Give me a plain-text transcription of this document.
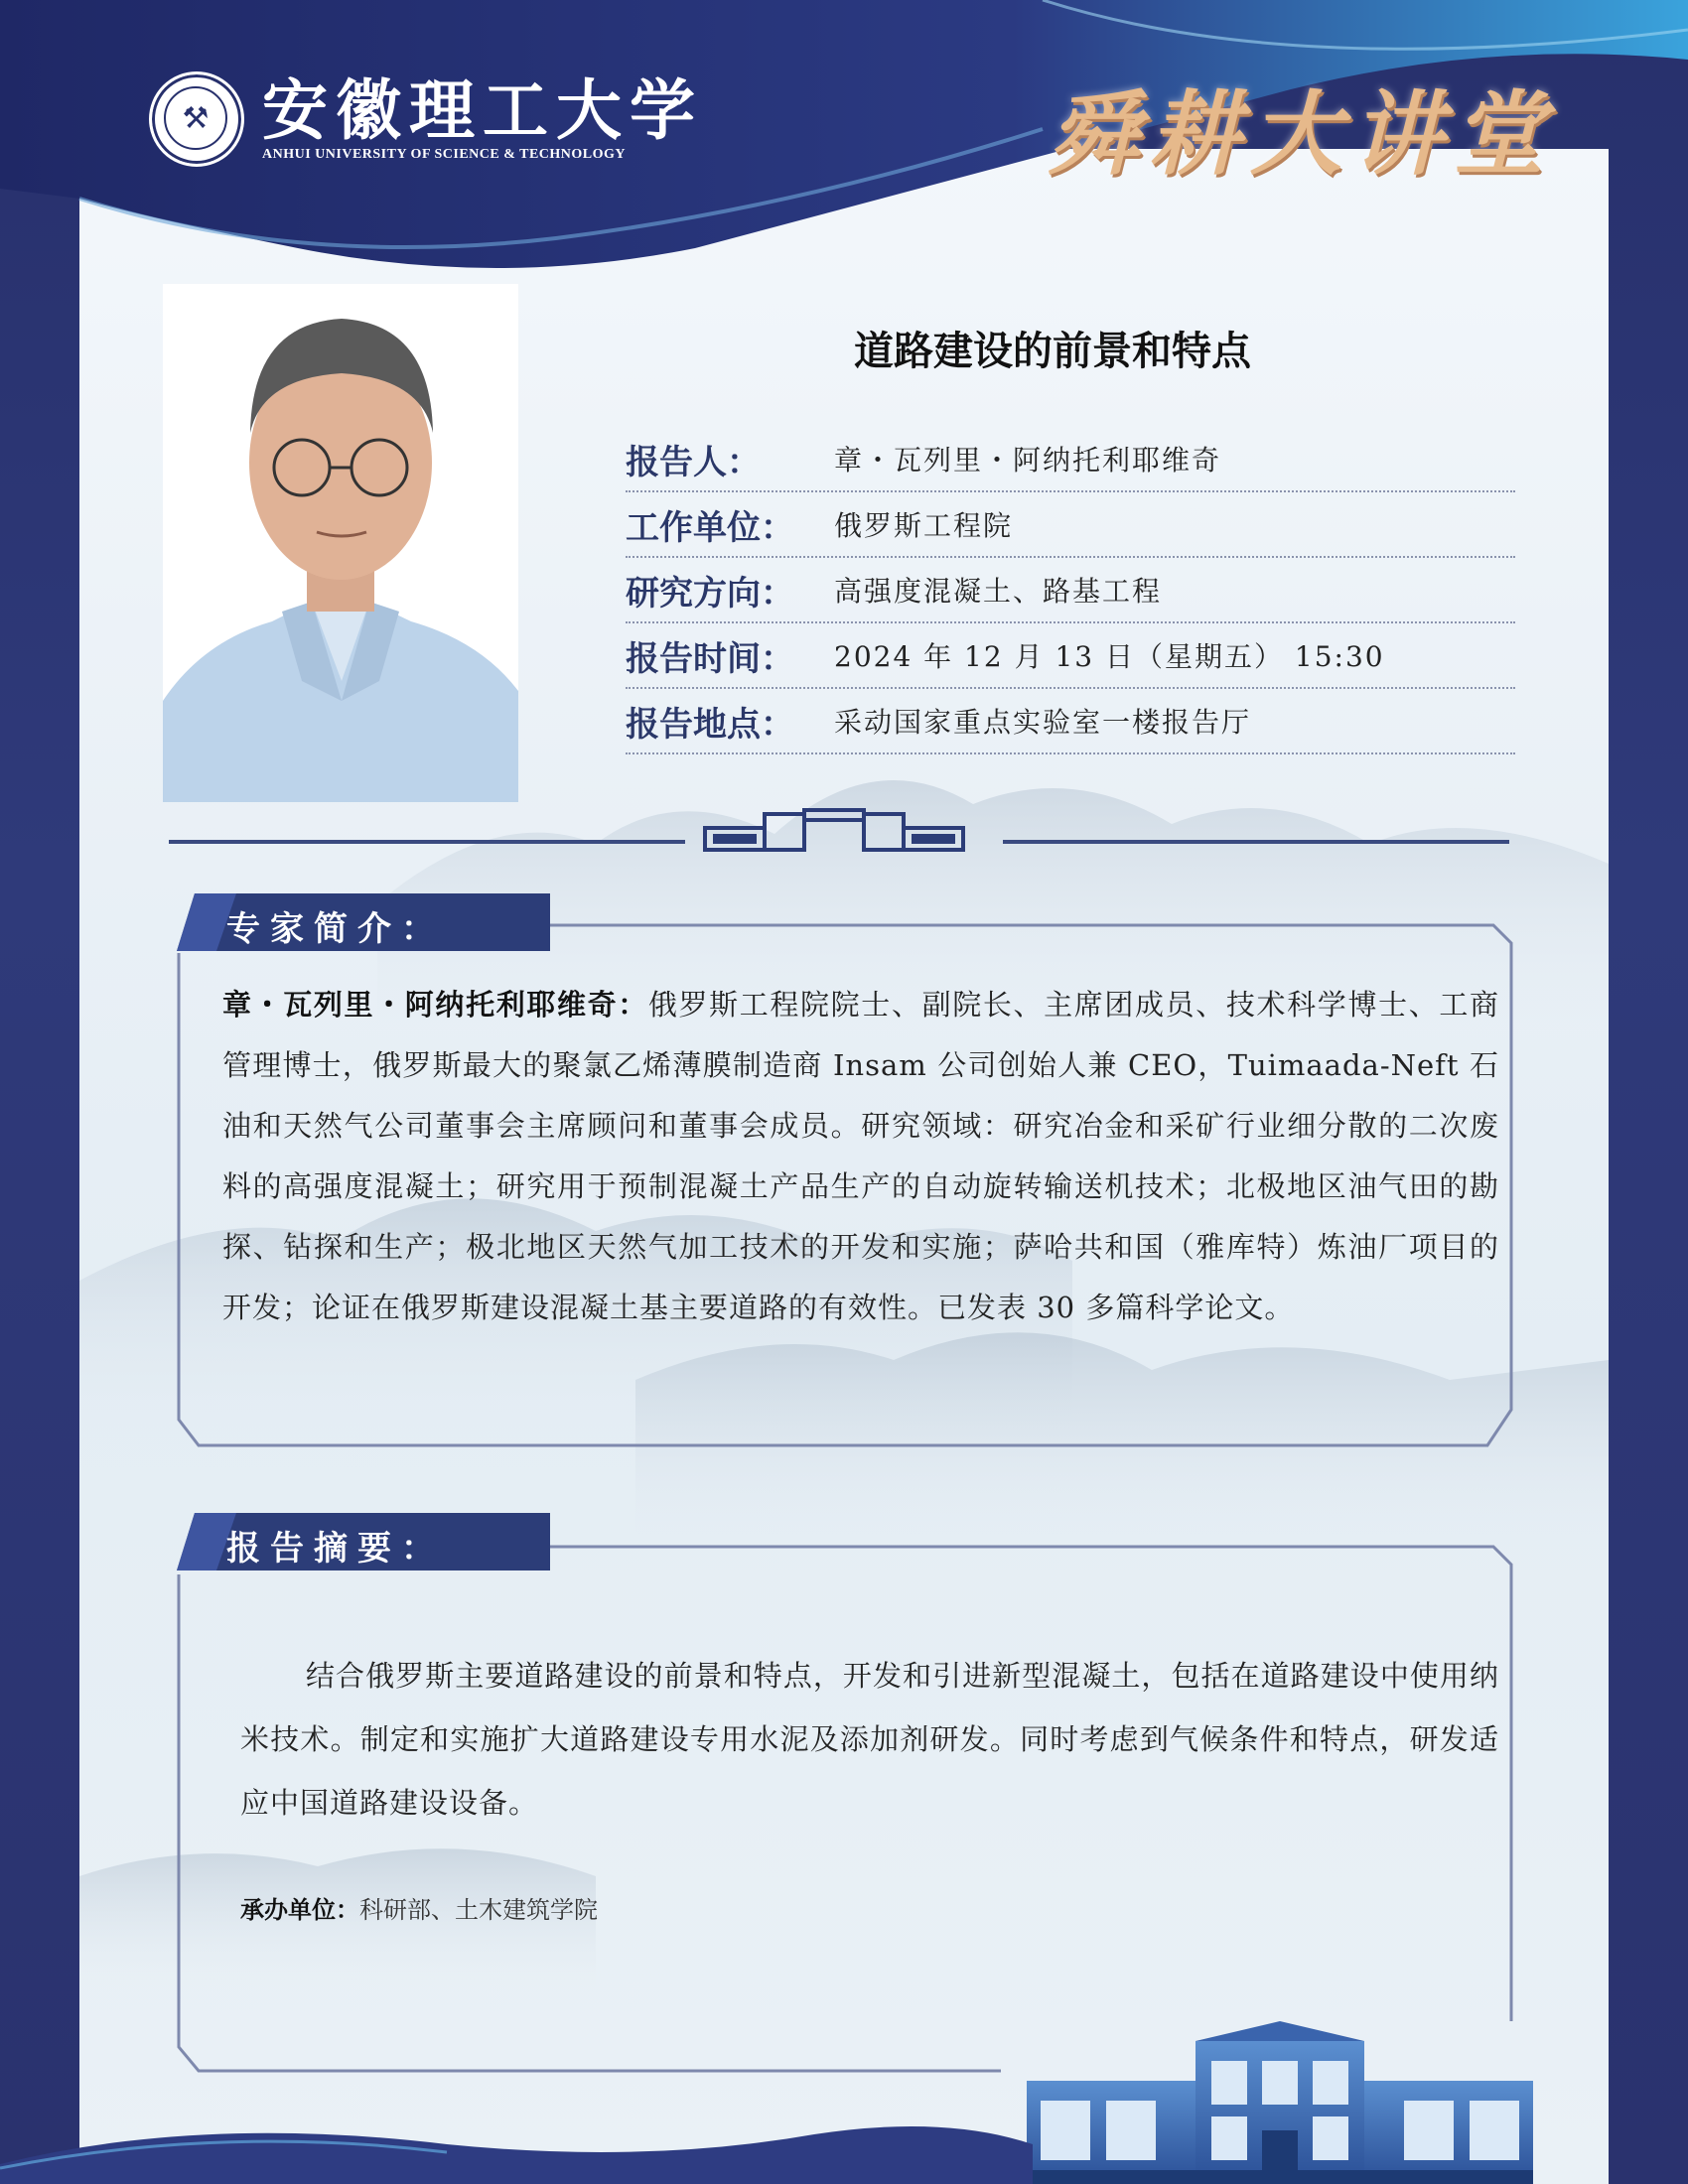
⚒ 安徽理工大学
ANHUI UNIVERSITY OF SCIENCE & TECHNOLOGY	舜耕大讲堂
道路建设的前景和特点
报告人：	章・瓦列里・阿纳托利耶维奇
工作单位：	俄罗斯工程院
研究方向：	高强度混凝土、路基工程
报告时间：	2024 年 12 月 13 日（星期五） 15:30
报告地点：	采动国家重点实验室一楼报告厅
专家简介：
章・瓦列里・阿纳托利耶维奇：俄罗斯工程院院士、副院长、主席团成员、技术科学博士、工商管理博士，俄罗斯最大的聚氯乙烯薄膜制造商 Insam 公司创始人兼 CEO，Tuimaada-Neft 石油和天然气公司董事会主席顾问和董事会成员。研究领域：研究冶金和采矿行业细分散的二次废料的高强度混凝土；研究用于预制混凝土产品生产的自动旋转输送机技术；北极地区油气田的勘探、钻探和生产；极北地区天然气加工技术的开发和实施；萨哈共和国（雅库特）炼油厂项目的开发；论证在俄罗斯建设混凝土基主要道路的有效性。已发表 30 多篇科学论文。
报告摘要：
结合俄罗斯主要道路建设的前景和特点，开发和引进新型混凝土，包括在道路建设中使用纳米技术。制定和实施扩大道路建设专用水泥及添加剂研发。同时考虑到气候条件和特点，研发适应中国道路建设设备。
承办单位：科研部、土木建筑学院
